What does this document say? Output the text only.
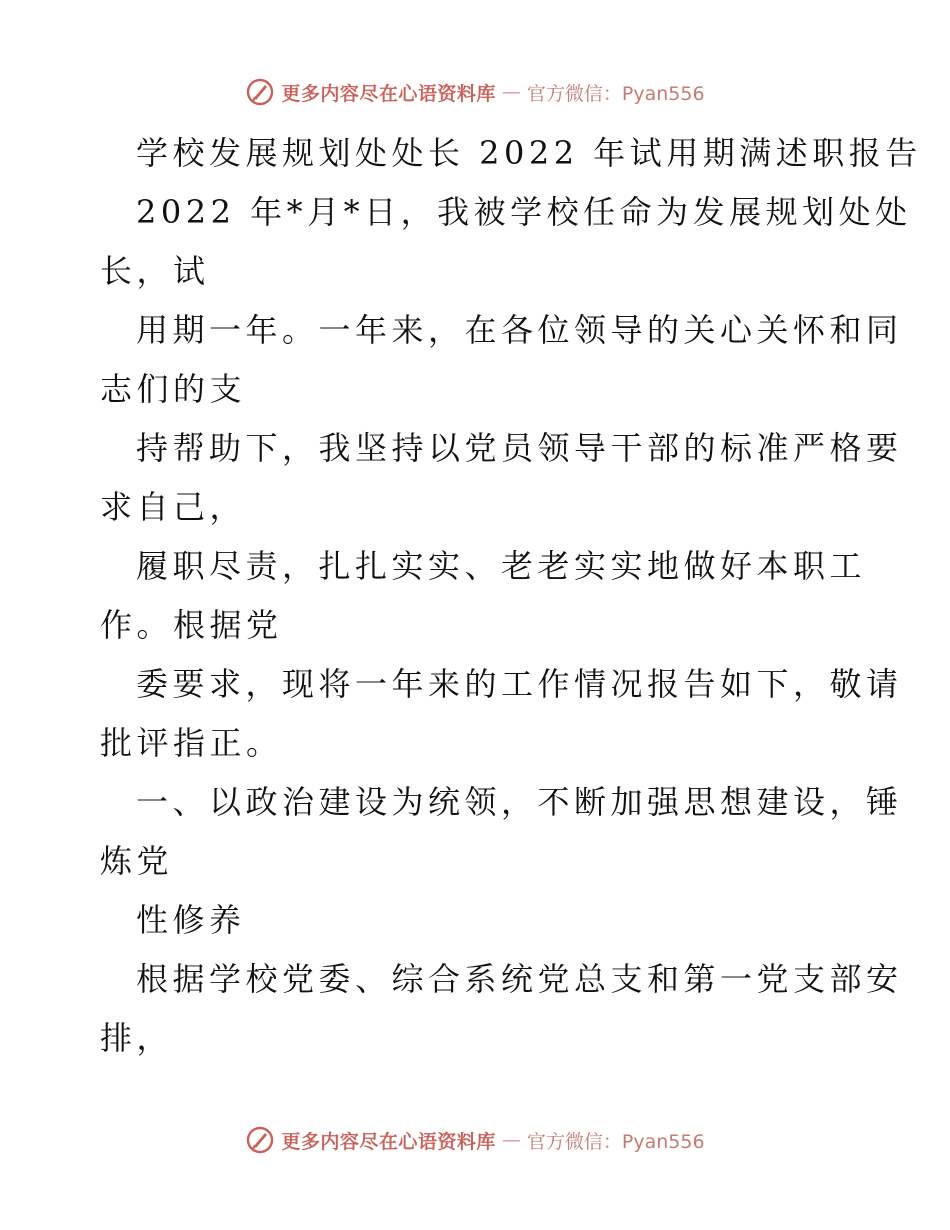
更多内容尽在心语资料库 — 官方微信：Pyan556
学校发展规划处处长 2022 年试用期满述职报告
2022 年*月*日，我被学校任命为发展规划处处
长，试
用期一年。一年来，在各位领导的关心关怀和同
志们的支
持帮助下，我坚持以党员领导干部的标准严格要
求自己，
履职尽责，扎扎实实、老老实实地做好本职工
作。根据党
委要求，现将一年来的工作情况报告如下，敬请
批评指正。
一、以政治建设为统领，不断加强思想建设，锤
炼党
性修养
根据学校党委、综合系统党总支和第一党支部安
排，
更多内容尽在心语资料库 — 官方微信：Pyan556
